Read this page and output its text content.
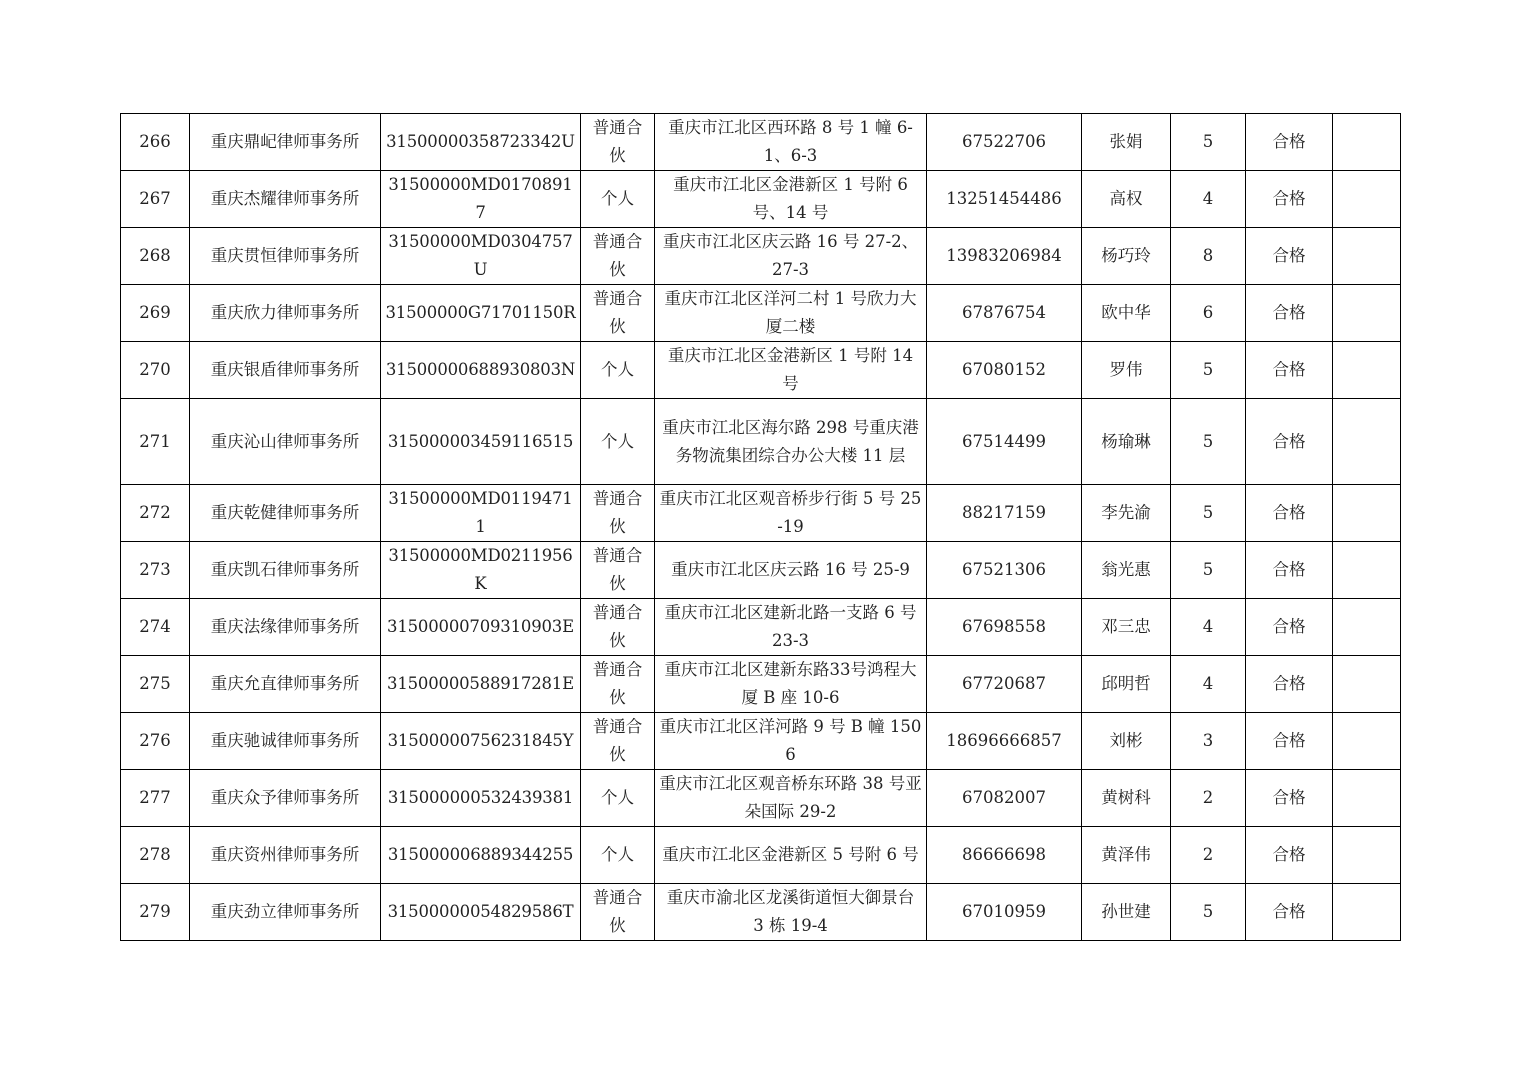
266	重庆鼎屺律师事务所	31500000358723342U	普通合伙	重庆市江北区西环路 8 号 1 幢 6-1、6-3	67522706	张娟	5	合格	
267	重庆杰耀律师事务所	31500000MD01708917	个人	重庆市江北区金港新区 1 号附 6 号、14 号	13251454486	高权	4	合格	
268	重庆贯恒律师事务所	31500000MD0304757U	普通合伙	重庆市江北区庆云路 16 号 27-2、27-3	13983206984	杨巧玲	8	合格	
269	重庆欣力律师事务所	31500000G71701150R	普通合伙	重庆市江北区洋河二村 1 号欣力大厦二楼	67876754	欧中华	6	合格	
270	重庆银盾律师事务所	31500000688930803N	个人	重庆市江北区金港新区 1 号附 14 号	67080152	罗伟	5	合格	
271	重庆沁山律师事务所	315000003459116515	个人	重庆市江北区海尔路 298 号重庆港务物流集团综合办公大楼 11 层	67514499	杨瑜琳	5	合格	
272	重庆乾健律师事务所	31500000MD01194711	普通合伙	重庆市江北区观音桥步行街 5 号 25-19	88217159	李先渝	5	合格	
273	重庆凯石律师事务所	31500000MD0211956K	普通合伙	重庆市江北区庆云路 16 号 25-9	67521306	翁光惠	5	合格	
274	重庆法缘律师事务所	31500000709310903E	普通合伙	重庆市江北区建新北路一支路 6 号 23-3	67698558	邓三忠	4	合格	
275	重庆允直律师事务所	31500000588917281E	普通合伙	重庆市江北区建新东路33号鸿程大厦 B 座 10-6	67720687	邱明哲	4	合格	
276	重庆驰诚律师事务所	31500000756231845Y	普通合伙	重庆市江北区洋河路 9 号 B 幢 1506	18696666857	刘彬	3	合格	
277	重庆众予律师事务所	315000000532439381	个人	重庆市江北区观音桥东环路 38 号亚朵国际 29-2	67082007	黄树科	2	合格	
278	重庆资州律师事务所	315000006889344255	个人	重庆市江北区金港新区 5 号附 6 号	86666698	黄泽伟	2	合格	
279	重庆劲立律师事务所	31500000054829586T	普通合伙	重庆市渝北区龙溪街道恒大御景台 3 栋 19-4	67010959	孙世建	5	合格	
